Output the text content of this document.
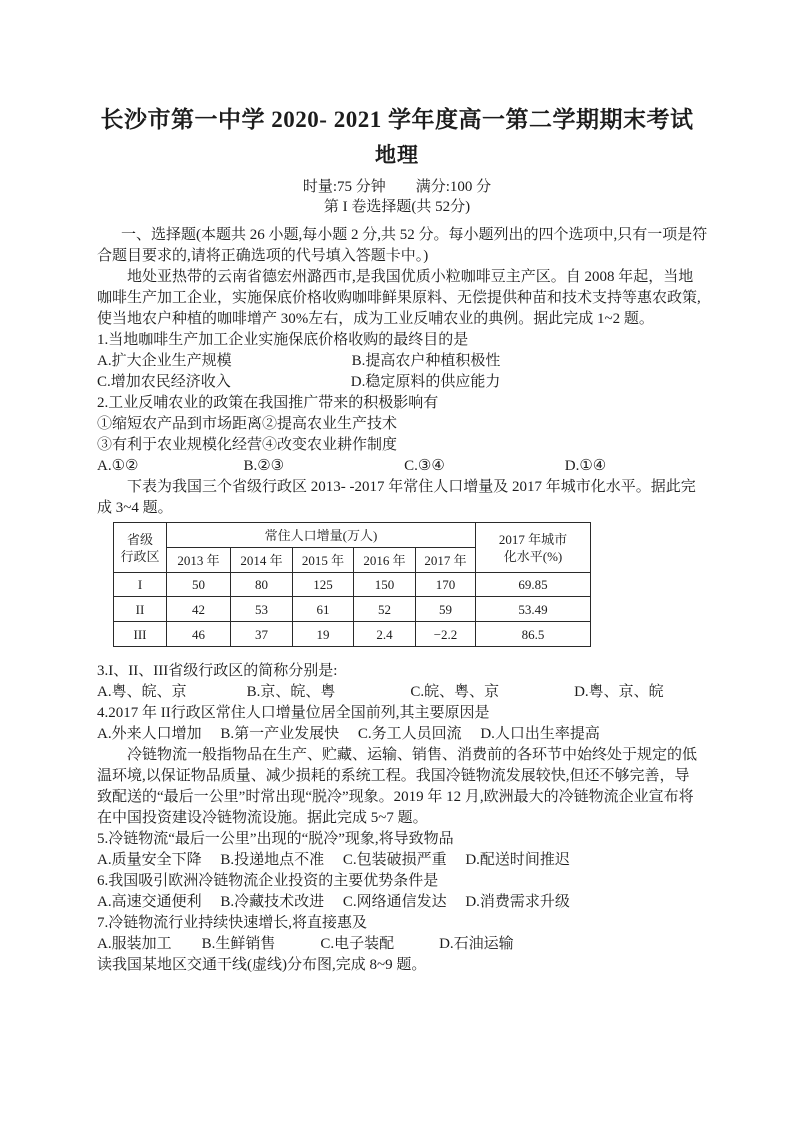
长沙市第一中学 2020- 2021 学年度高一第二学期期末考试
地理
时量:75 分钟　　满分:100 分
第 I 卷选择题(共 52分)
一、选择题(本题共 26 小题,每小题 2 分,共 52 分。每小题列出的四个选项中,只有一项是符
合题目要求的,请将正确选项的代号填入答题卡中。)
地处亚热带的云南省德宏州潞西市,是我国优质小粒咖啡豆主产区。自 2008 年起，当地
咖啡生产加工企业，实施保底价格收购咖啡鲜果原料、无偿提供种苗和技术支持等惠农政策,
使当地农户种植的咖啡增产 30%左右，成为工业反哺农业的典例。据此完成 1~2 题。
1.当地咖啡生产加工企业实施保底价格收购的最终目的是
A.扩大企业生产规模　　　　　　　　B.提高农户种植积极性
C.增加农民经济收入　　　　　　　　D.稳定原料的供应能力
2.工业反哺农业的政策在我国推广带来的积极影响有
①缩短农产品到市场距离②提高农业生产技术
③有利于农业规模化经营④改变农业耕作制度
A.①②　　　　　　　B.②③　　　　　　　　C.③④　　　　　　　　D.①④
下表为我国三个省级行政区 2013- -2017 年常住人口增量及 2017 年城市化水平。据此完
成 3~4 题。
省级
行政区
	常住人口增量(万人)	2017 年城市
化水平(%)

	2013 年	2014 年	2015 年	2016 年	2017 年	
I	50	80	125	150	170	69.85
II	42	53	61	52	59	53.49
III	46	37	19	2.4	−2.2	86.5
3.I、II、III省级行政区的简称分别是:
A.粤、皖、京　　　　B.京、皖、粤　　　　　C.皖、粤、京　　　　　D.粤、京、皖
4.2017 年 II行政区常住人口增量位居全国前列,其主要原因是
A.外来人口增加　 B.第一产业发展快　 C.务工人员回流　 D.人口出生率提高
冷链物流一般指物品在生产、贮藏、运输、销售、消费前的各环节中始终处于规定的低
温环境,以保证物品质量、减少损耗的系统工程。我国冷链物流发展较快,但还不够完善，导
致配送的“最后一公里”时常出现“脱冷”现象。2019 年 12 月,欧洲最大的冷链物流企业宣布将
在中国投资建设冷链物流设施。据此完成 5~7 题。
5.冷链物流“最后一公里”出现的“脱冷”现象,将导致物品
A.质量安全下降　 B.投递地点不准　 C.包装破损严重　 D.配送时间推迟
6.我国吸引欧洲冷链物流企业投资的主要优势条件是
A.高速交通便利　 B.冷藏技术改进　 C.网络通信发达　 D.消费需求升级
7.冷链物流行业持续快速增长,将直接惠及
A.服装加工　　B.生鲜销售　　　C.电子装配　　　D.石油运输
读我国某地区交通干线(虚线)分布图,完成 8~9 题。
